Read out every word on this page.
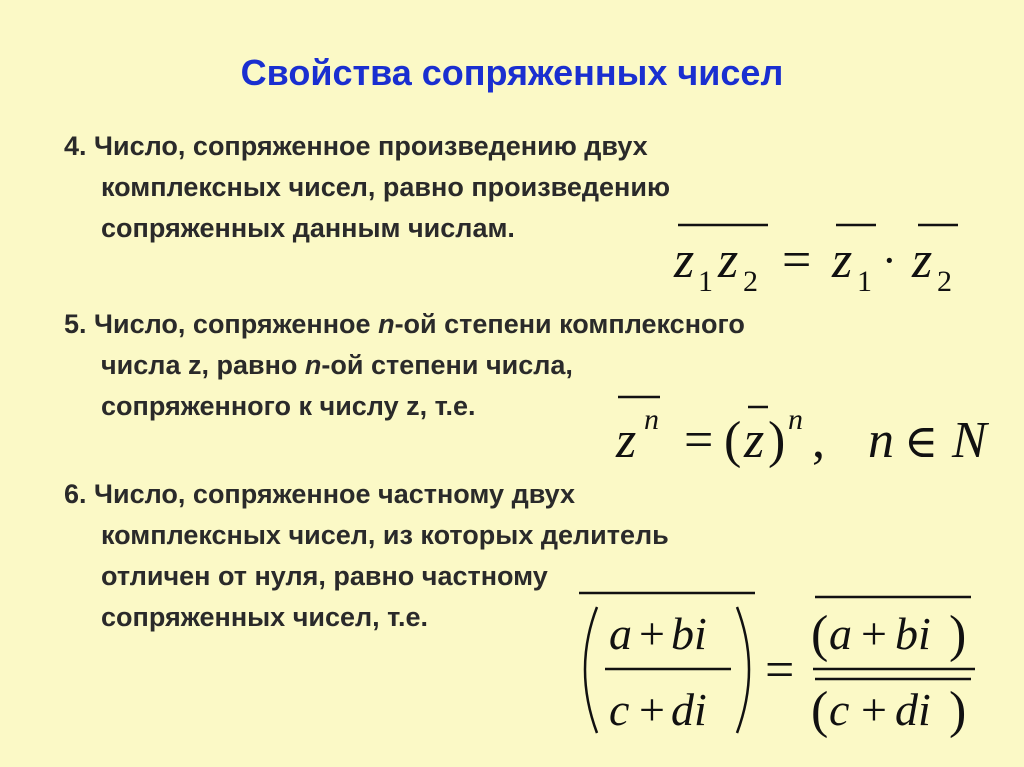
Свойства сопряженных чисел
4. Число, сопряженное произведению двух
комплексных чисел, равно произведению
сопряженных данным числам.
5. Число, сопряженное n-ой степени комплексного
числа z, равно n-ой степени числа,
сопряженного к числу z, т.е.
6. Число, сопряженное частному двух
комплексных чисел, из которых делитель
отличен от нуля, равно частному
сопряженных чисел, т.е.
z 1 z 2 = z 1 · z 2
z n = ( z ) n , n ∈ N
a + bi
c + di
=
( a + bi )
( c + di )
